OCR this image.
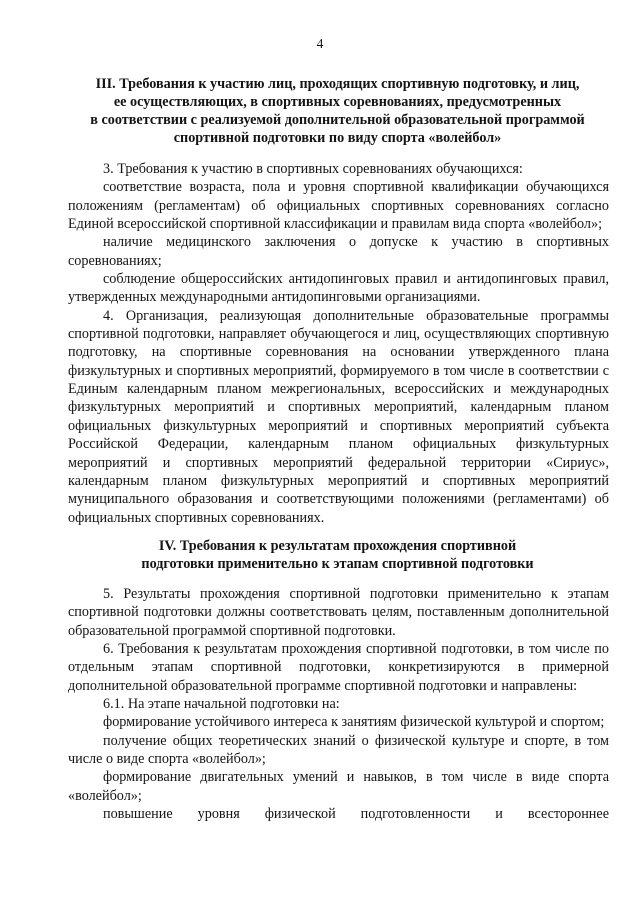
4
III. Требования к участию лиц, проходящих спортивную подготовку, и лиц,
ее осуществляющих, в спортивных соревнованиях, предусмотренных
в соответствии с реализуемой дополнительной образовательной программой
спортивной подготовки по виду спорта «волейбол»

3. Требования к участию в спортивных соревнованиях обучающихся:

соответствие возраста, пола и уровня спортивной квалификации обучающихся положениям (регламентам) об официальных спортивных соревнованиях согласно Единой всероссийской спортивной классификации и правилам вида спорта «волейбол»;

наличие медицинского заключения о допуске к участию в спортивных соревнованиях;

соблюдение общероссийских антидопинговых правил и антидопинговых правил, утвержденных международными антидопинговыми организациями.

4. Организация, реализующая дополнительные образовательные программы спортивной подготовки, направляет обучающегося и лиц, осуществляющих спортивную подготовку, на спортивные соревнования на основании утвержденного плана физкультурных и спортивных мероприятий, формируемого в том числе в соответствии с Единым календарным планом межрегиональных, всероссийских и международных физкультурных мероприятий и спортивных мероприятий, календарным планом официальных физкультурных мероприятий и спортивных мероприятий субъекта Российской Федерации, календарным планом официальных физкультурных мероприятий и спортивных мероприятий федеральной территории «Сириус», календарным планом физкультурных мероприятий и спортивных мероприятий муниципального образования и соответствующими положениями (регламентами) об официальных спортивных соревнованиях.

IV. Требования к результатам прохождения спортивной
подготовки применительно к этапам спортивной подготовки

5. Результаты прохождения спортивной подготовки применительно к этапам спортивной подготовки должны соответствовать целям, поставленным дополнительной образовательной программой спортивной подготовки.

6. Требования к результатам прохождения спортивной подготовки, в том числе по отдельным этапам спортивной подготовки, конкретизируются в примерной дополнительной образовательной программе спортивной подготовки и направлены:

6.1. На этапе начальной подготовки на:

формирование устойчивого интереса к занятиям физической культурой и спортом;

получение общих теоретических знаний о физической культуре и спорте, в том числе о виде спорта «волейбол»;

формирование двигательных умений и навыков, в том числе в виде спорта «волейбол»;

повышение уровня физической подготовленности и всестороннее
